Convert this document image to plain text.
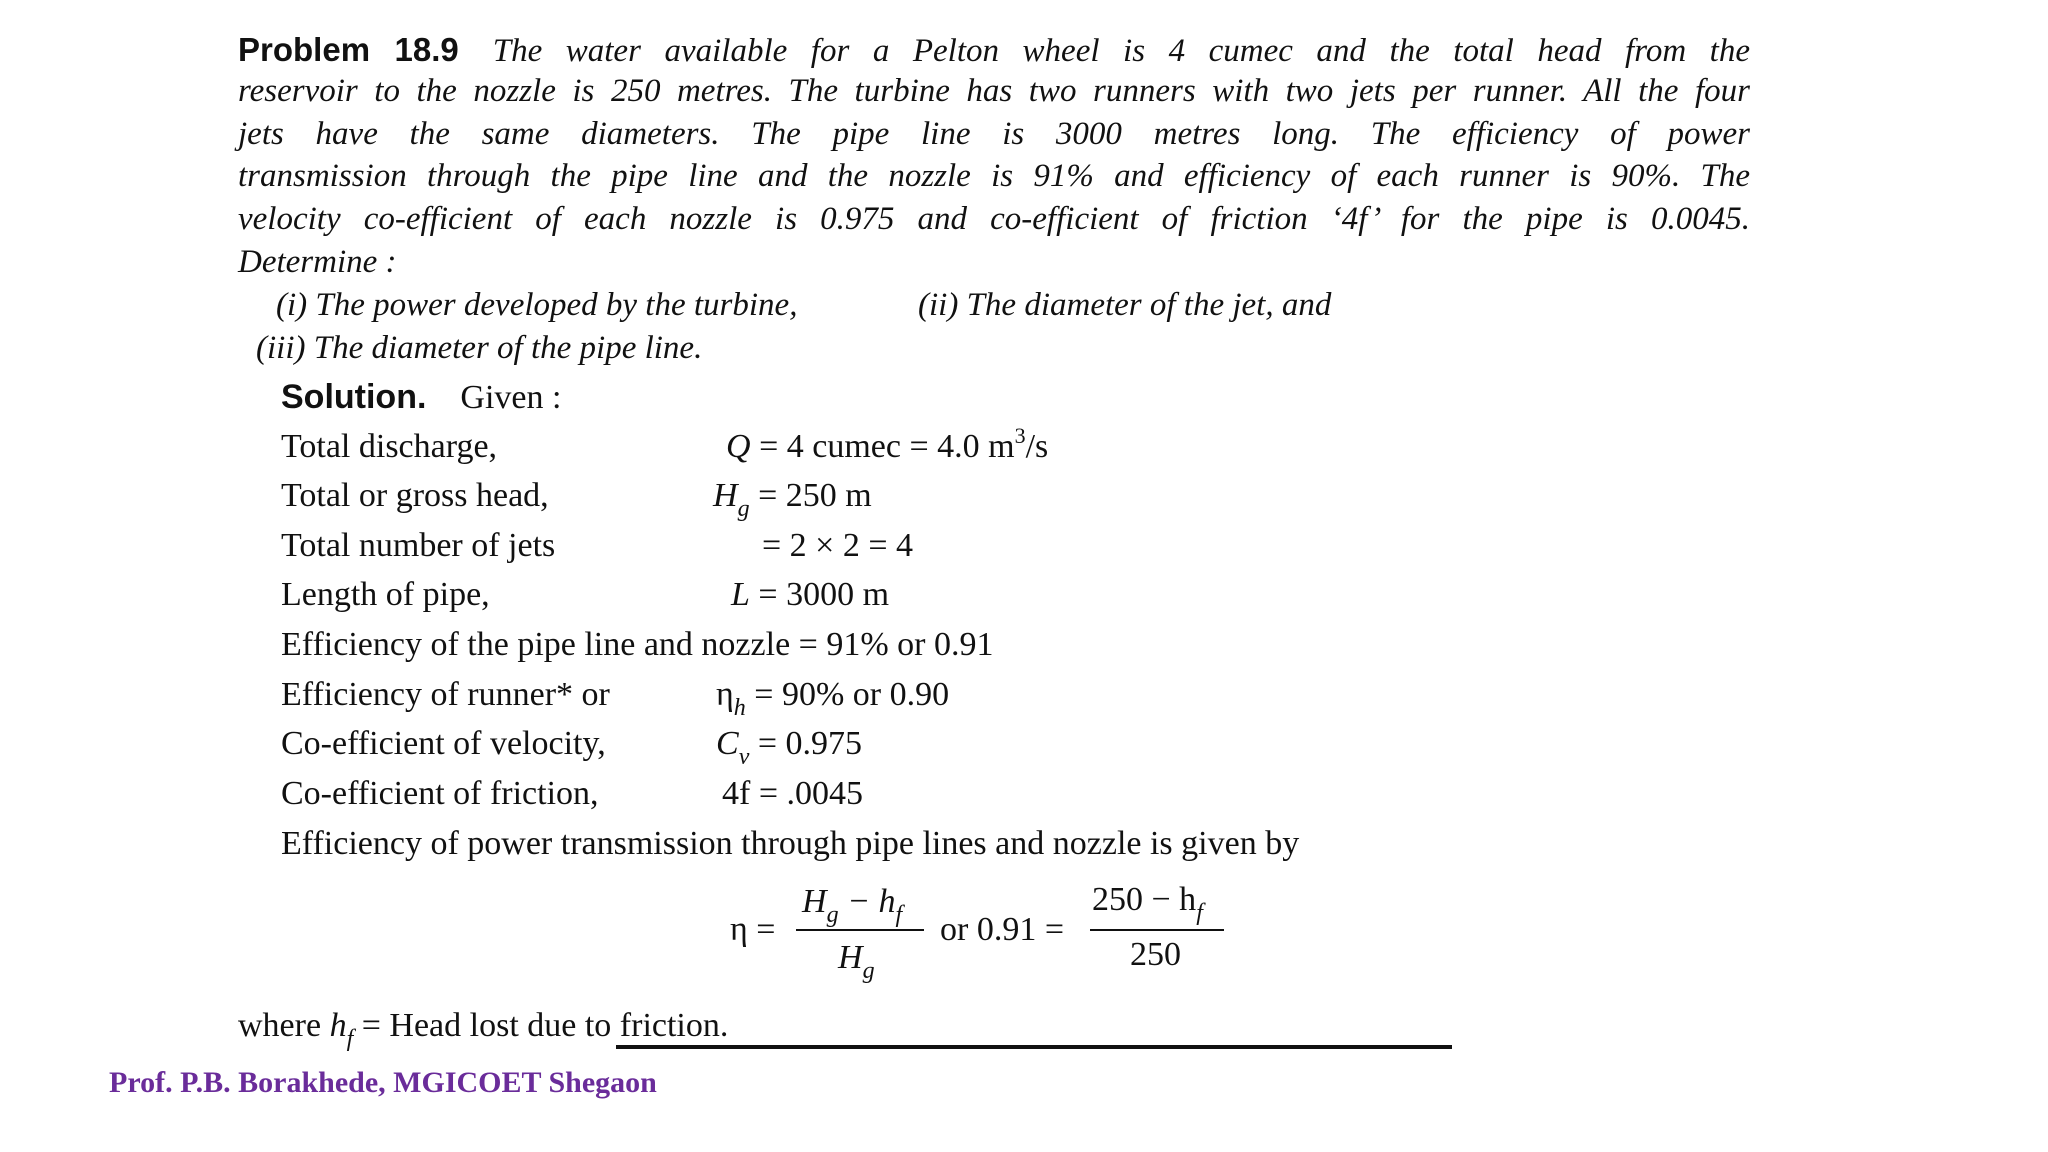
Problem 18.9 The water available for a Pelton wheel is 4 cumec and the total head from the
reservoir to the nozzle is 250 metres. The turbine has two runners with two jets per runner. All the four
jets have the same diameters. The pipe line is 3000 metres long. The efficiency of power
transmission through the pipe line and the nozzle is 91% and efficiency of each runner is 90%. The
velocity co-efficient of each nozzle is 0.975 and co-efficient of friction ‘4f’ for the pipe is 0.0045.
Determine :
(i) The power developed by the turbine,	(ii) The diameter of the jet, and
(iii) The diameter of the pipe line.
Solution. Given :
Total discharge,	Q = 4 cumec = 4.0 $m^3/s$
Total or gross head,	$H_g = 250$ m
Total number of jets	= 2 × 2 = 4
Length of pipe,	L = 3000 m
Efficiency of the pipe line and nozzle = 91% or 0.91
Efficiency of runner* or	$\eta_h = 90\%$ or 0.90
Co-efficient of velocity,	$C_v = 0.975$
Co-efficient of friction,	4f = .0045
Efficiency of power transmission through pipe lines and nozzle is given by
η =
$H_g - h_f$
$H_g$
or 0.91 =
$250 - h_f$
250
where $h_f$ = Head lost due to friction.
Prof. P.B. Borakhede, MGICOET Shegaon
